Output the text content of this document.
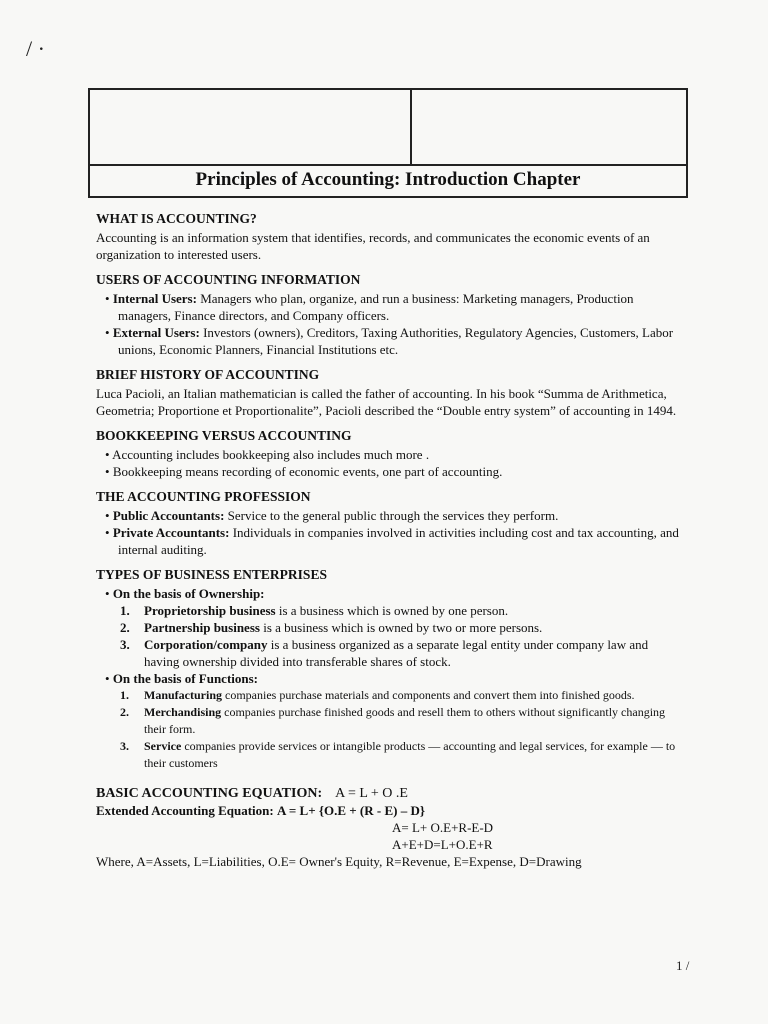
/ ·
Principles of Accounting: Introduction Chapter

WHAT IS ACCOUNTING?

Accounting is an information system that identifies, records, and communicates the economic events of an organization to interested users.

USERS OF ACCOUNTING INFORMATION

• Internal Users: Managers who plan, organize, and run a business: Marketing managers, Production managers, Finance directors, and Company officers.

• External Users: Investors (owners), Creditors, Taxing Authorities, Regulatory Agencies, Customers, Labor unions, Economic Planners, Financial Institutions etc.

BRIEF HISTORY OF ACCOUNTING

Luca Pacioli, an Italian mathematician is called the father of accounting. In his book “Summa de Arithmetica, Geometria; Proportione et Proportionalite”, Pacioli described the “Double entry system” of accounting in 1494.

BOOKKEEPING VERSUS ACCOUNTING

• Accounting includes bookkeeping also includes much more .

• Bookkeeping means recording of economic events, one part of accounting.

THE ACCOUNTING PROFESSION

• Public Accountants: Service to the general public through the services they perform.

• Private Accountants: Individuals in companies involved in activities including cost and tax accounting, and internal auditing.

TYPES OF BUSINESS ENTERPRISES

• On the basis of Ownership:

1. Proprietorship business is a business which is owned by one person.

2. Partnership business is a business which is owned by two or more persons.

3. Corporation/company is a business organized as a separate legal entity under company law and having ownership divided into transferable shares of stock.

• On the basis of Functions:

1. Manufacturing companies purchase materials and components and convert them into finished goods.

2. Merchandising companies purchase finished goods and resell them to others without significantly changing their form.

3. Service companies provide services or intangible products — accounting and legal services, for example — to their customers

BASIC ACCOUNTING EQUATION: A = L + O .E

Extended Accounting Equation: A = L+ {O.E + (R - E) – D}

A= L+ O.E+R-E-D

A+E+D=L+O.E+R

Where, A=Assets, L=Liabilities, O.E= Owner's Equity, R=Revenue, E=Expense, D=Drawing

1 /
